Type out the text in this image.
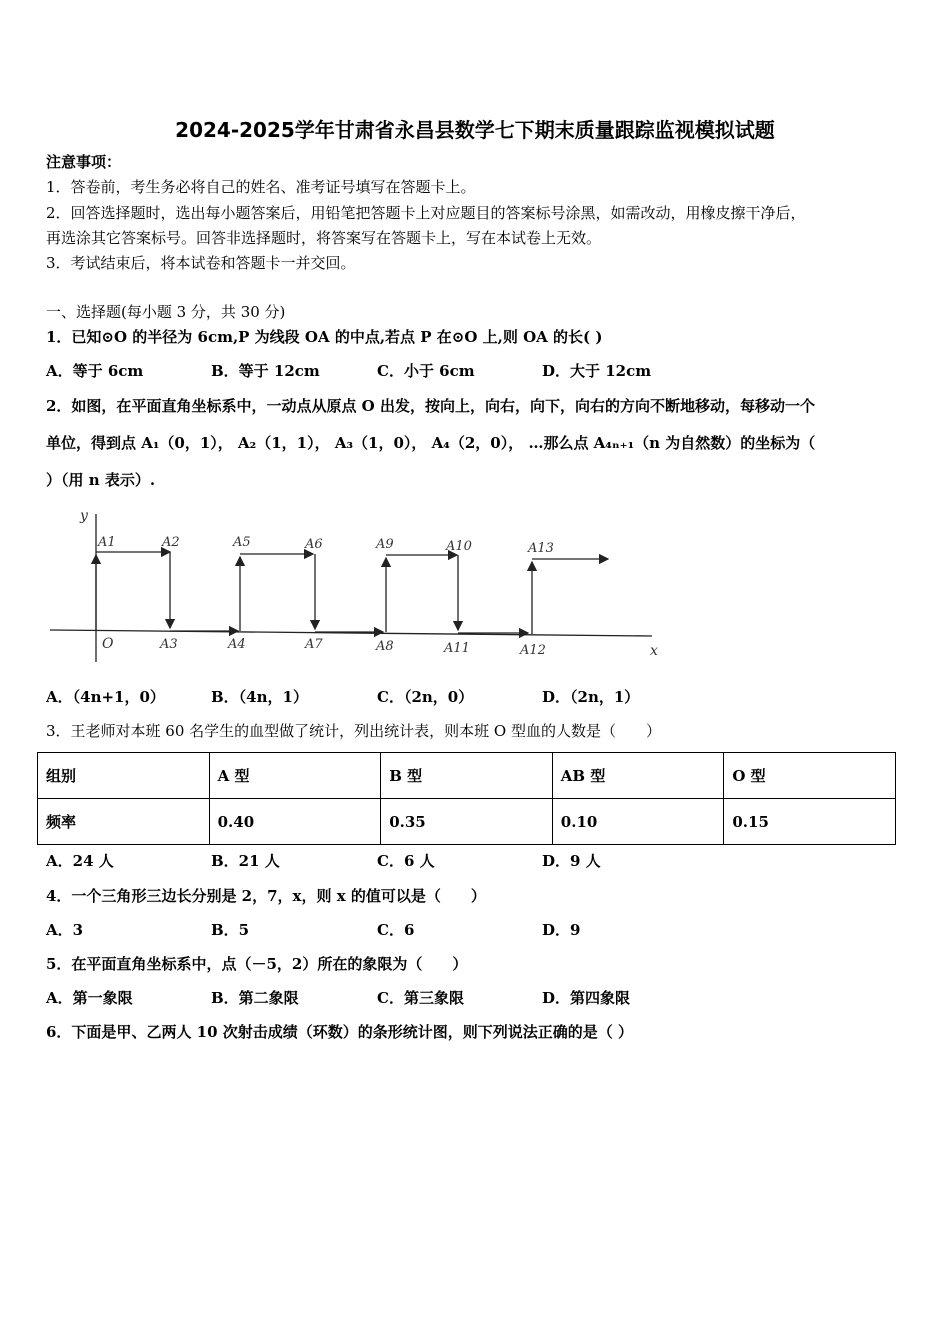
2024-2025学年甘肃省永昌县数学七下期末质量跟踪监视模拟试题
注意事项：
1．答卷前，考生务必将自己的姓名、准考证号填写在答题卡上。
2．回答选择题时，选出每小题答案后，用铅笔把答题卡上对应题目的答案标号涂黑，如需改动，用橡皮擦干净后，
再选涂其它答案标号。回答非选择题时，将答案写在答题卡上，写在本试卷上无效。
3．考试结束后，将本试卷和答题卡一并交回。
一、选择题(每小题 3 分，共 30 分)
1．已知⊙O 的半径为 6cm,P 为线段 OA 的中点,若点 P 在⊙O 上,则 OA 的长( )
A．等于 6cm	B．等于 12cm	C．小于 6cm	D．大于 12cm
2．如图，在平面直角坐标系中，一动点从原点 O 出发，按向上，向右，向下，向右的方向不断地移动，每移动一个
单位，得到点 A₁（0，1）， A₂（1，1）， A₃（1，0）， A₄（2，0）， …那么点 A₄ₙ₊₁（n 为自然数）的坐标为（
）（用 n 表示）.
y
x
O
A1	A2
A3	A4
A5	A6
A7	A8
A9	A10
A11	A12
A13
A．（4n+1，0）	B．（4n，1）	C．（2n，0）	D．（2n，1）
3．王老师对本班 60 名学生的血型做了统计，列出统计表，则本班 O 型血的人数是（　　）
组别	A 型	B 型	AB 型	O 型
频率	0.40	0.35	0.10	0.15
A．24 人	B．21 人	C．6 人	D．9 人
4．一个三角形三边长分别是 2，7，x，则 x 的值可以是（　　）
A．3	B．5	C．6	D．9
5．在平面直角坐标系中，点（－5，2）所在的象限为（　　）
A．第一象限	B．第二象限	C．第三象限	D．第四象限
6．下面是甲、乙两人 10 次射击成绩（环数）的条形统计图，则下列说法正确的是（ ）
